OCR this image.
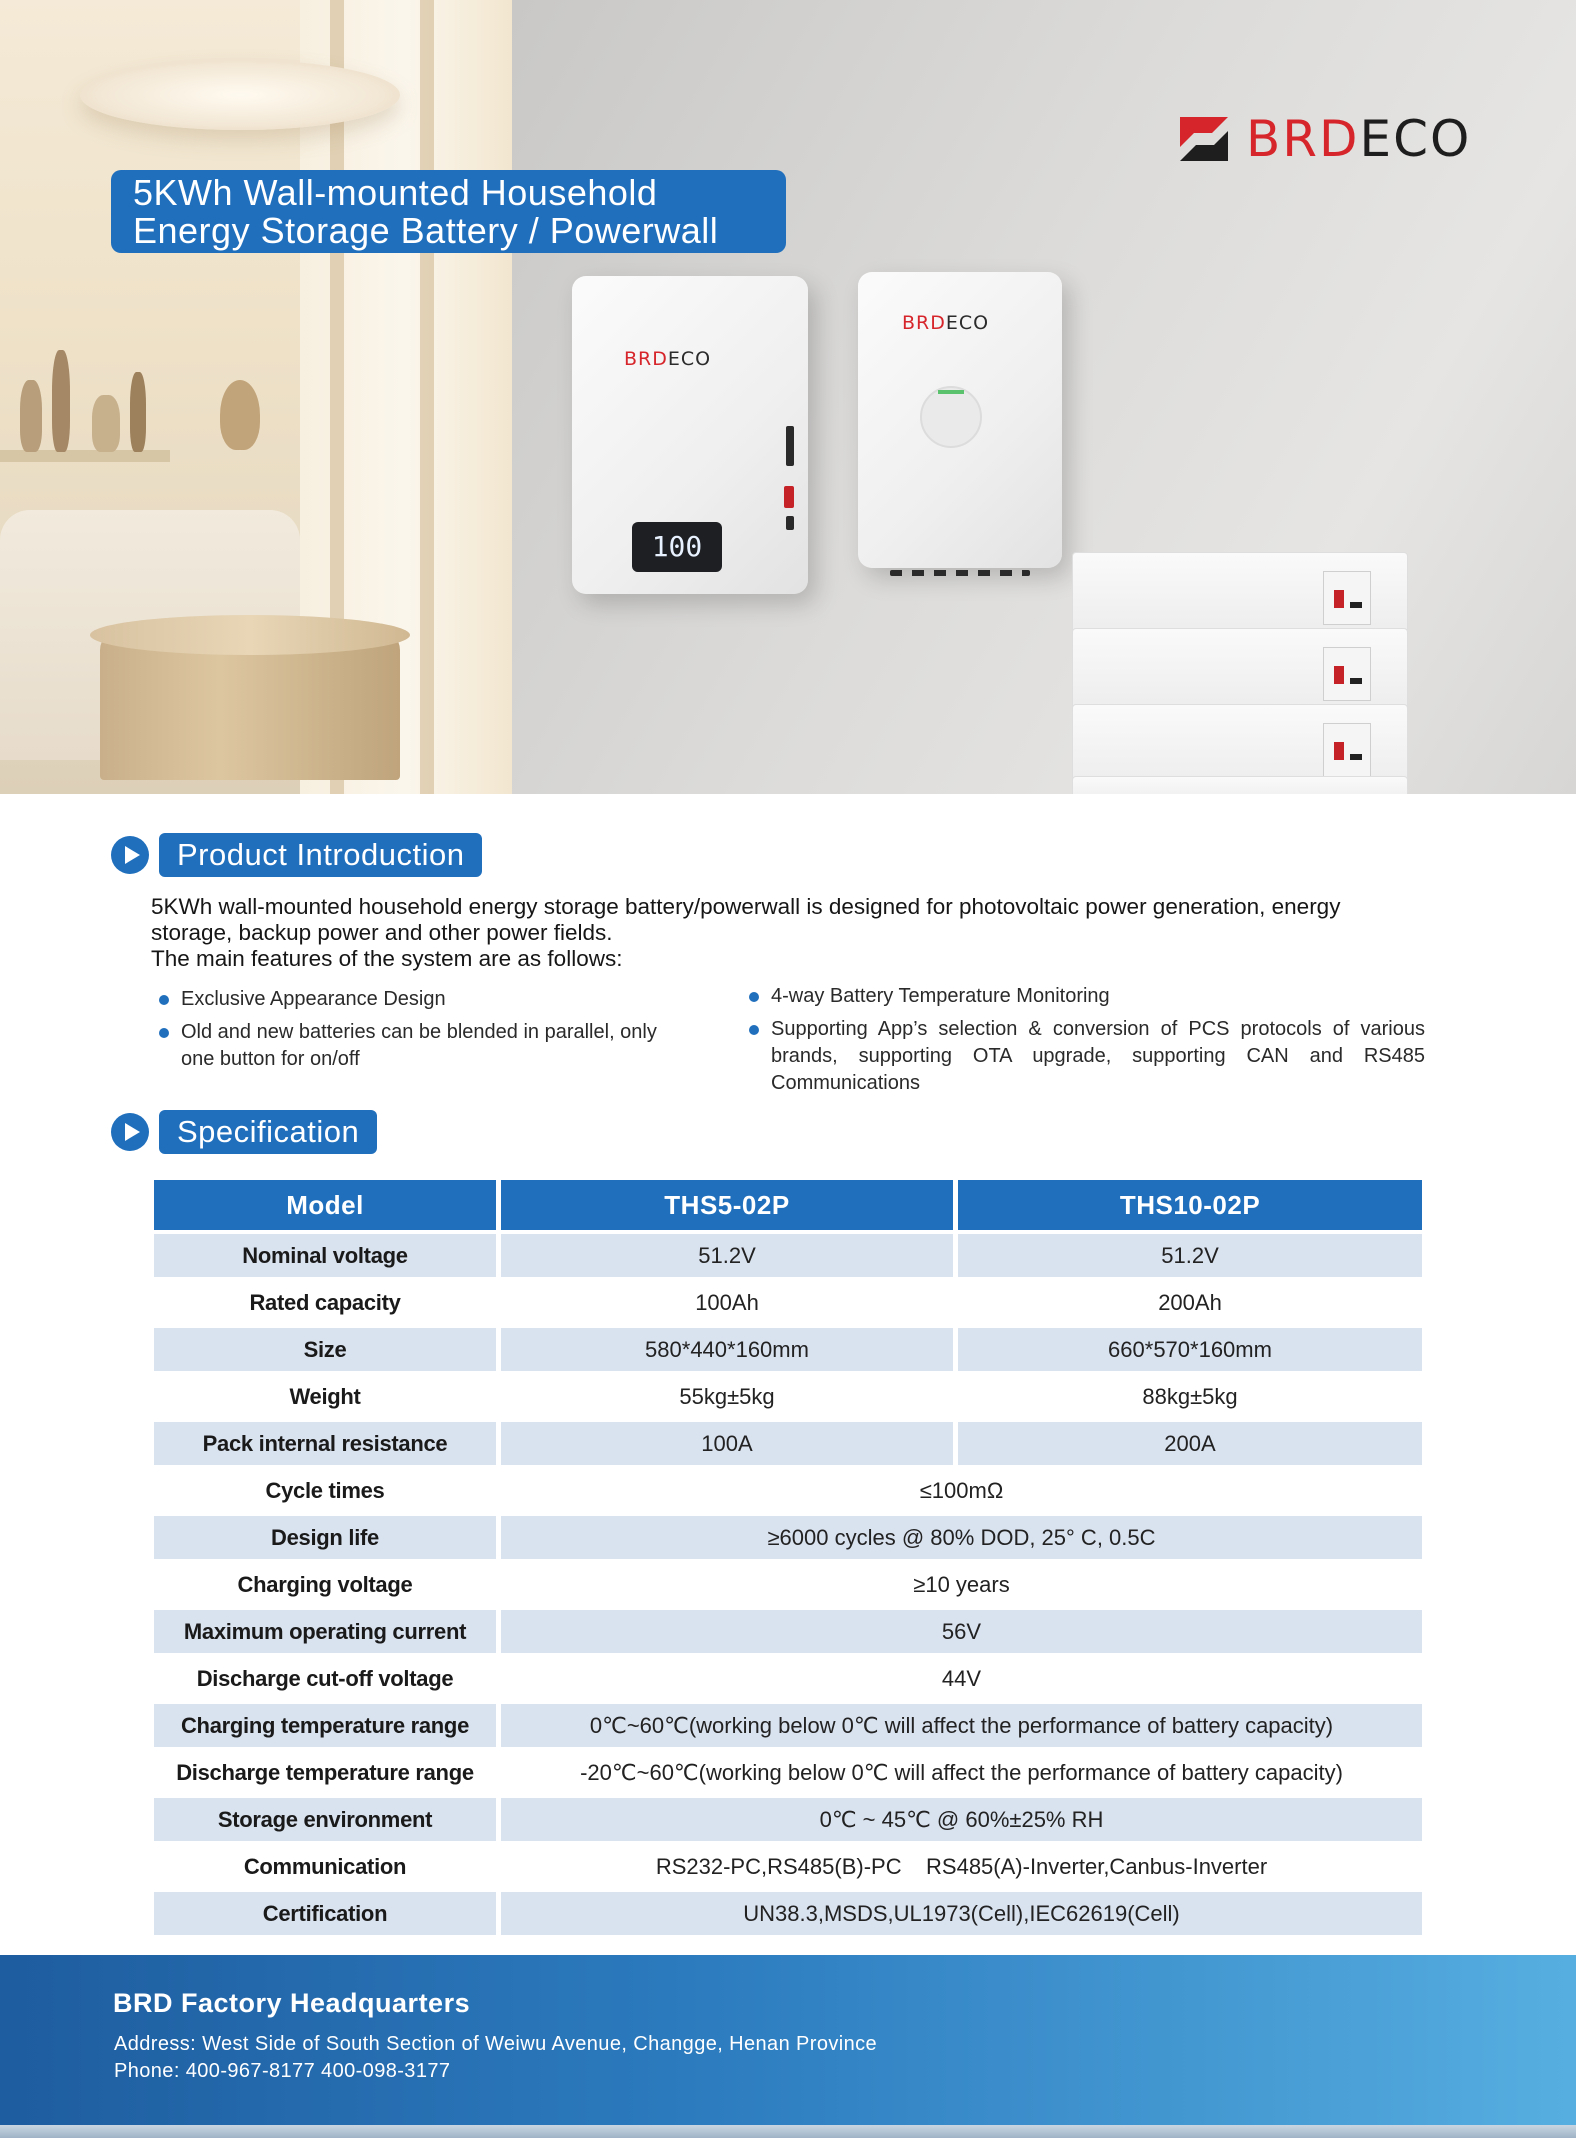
BRDECO
100
BRDECO
BRDECO
5KWh Wall-mounted Household
Energy Storage Battery / Powerwall
Product Introduction

5KWh wall-mounted household energy storage battery/powerwall is designed for photovoltaic power generation, energy storage, backup power and other power fields.

The main features of the system are as follows:

Exclusive Appearance Design
Old and new batteries can be blended in parallel, only one button for on/off
4-way Battery Temperature Monitoring
Supporting App’s selection & conversion of PCS protocols of various brands, supporting OTA upgrade, supporting CAN and RS485 Communications
Specification
Model	THS5-02P	THS10-02P
Nominal voltage	51.2V	51.2V
Rated capacity	100Ah	200Ah
Size	580*440*160mm	660*570*160mm
Weight	55kg±5kg	88kg±5kg
Pack internal resistance	100A	200A
Cycle times	≤100mΩ	
Design life	≥6000 cycles @ 80% DOD, 25° C, 0.5C	
Charging voltage	≥10 years	
Maximum operating current	56V	
Discharge cut-off voltage	44V	
Charging temperature range	0℃~60℃(working below 0℃ will affect the performance of battery capacity)	
Discharge temperature range	-20℃~60℃(working below 0℃ will affect the performance of battery capacity)	
Storage environment	0℃ ~ 45℃ @ 60%±25% RH	
Communication	RS232-PC,RS485(B)-PC    RS485(A)-Inverter,Canbus-Inverter	
Certification	UN38.3,MSDS,UL1973(Cell),IEC62619(Cell)	
BRD Factory Headquarters
Address: West Side of South Section of Weiwu Avenue, Changge, Henan Province
Phone: 400-967-8177 400-098-3177
